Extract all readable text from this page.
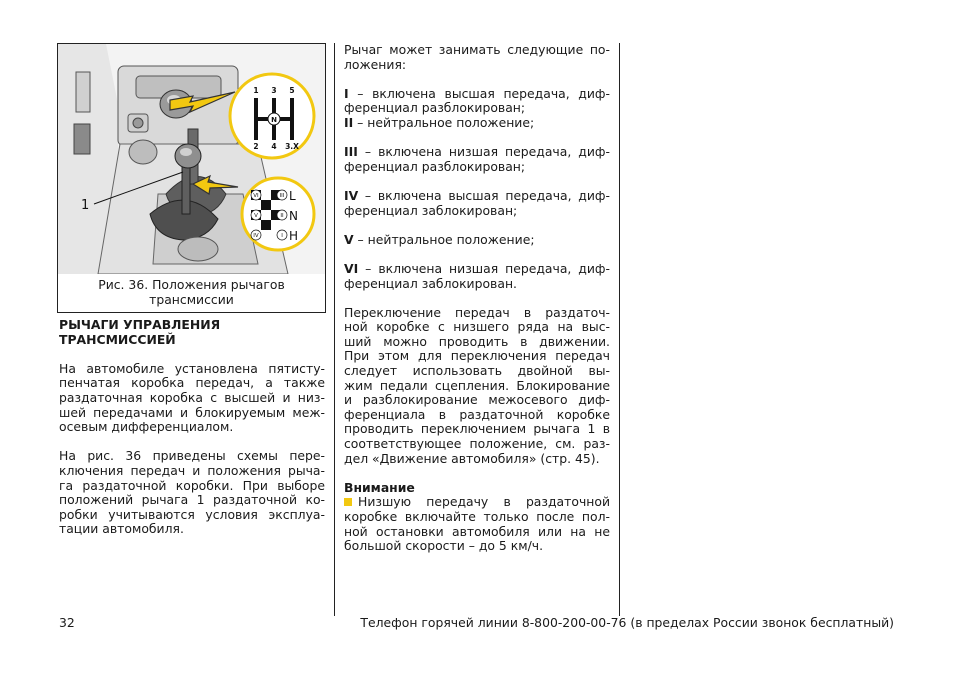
1
1 3 5
2 4 3.X
N
VI
V
IV
III
II
I
L
N
H
Рис. 36. Положения рычагов
трансмиссии
РЫЧАГИ УПРАВЛЕНИЯ
ТРАНСМИССИЕЙ
На автомобиле установлена пятисту-
пенчатая коробка передач, а также
раздаточная коробка с высшей и низ-
шей передачами и блокируемым меж-
осевым дифференциалом.
На рис. 36 приведены схемы пере-
ключения передач и положения рыча-
га раздаточной коробки. При выборе
положений рычага 1 раздаточной ко-
робки учитываются условия эксплуа-
тации автомобиля.
Рычаг может занимать следующие по-
ложения:
I – включена высшая передача, диф-
ференциал разблокирован;
II – нейтральное положение;
III – включена низшая передача, диф-
ференциал разблокирован;
IV – включена высшая передача, диф-
ференциал заблокирован;
V – нейтральное положение;
VI – включена низшая передача, диф-
ференциал заблокирован.
Переключение передач в раздаточ-
ной коробке с низшего ряда на выс-
ший можно проводить в движении.
При этом для переключения передач
следует использовать двойной вы-
жим педали сцепления. Блокирование
и разблокирование межосевого диф-
ференциала в раздаточной коробке
проводить переключением рычага 1 в
соответствующее положение, см. раз-
дел «Движение автомобиля» (стр. 45).
Внимание
Низшую передачу в раздаточной
коробке включайте только после пол-
ной остановки автомобиля или на не
большой скорости – до 5 км/ч.
32	Телефон горячей линии 8-800-200-00-76 (в пределах России звонок бесплатный)
